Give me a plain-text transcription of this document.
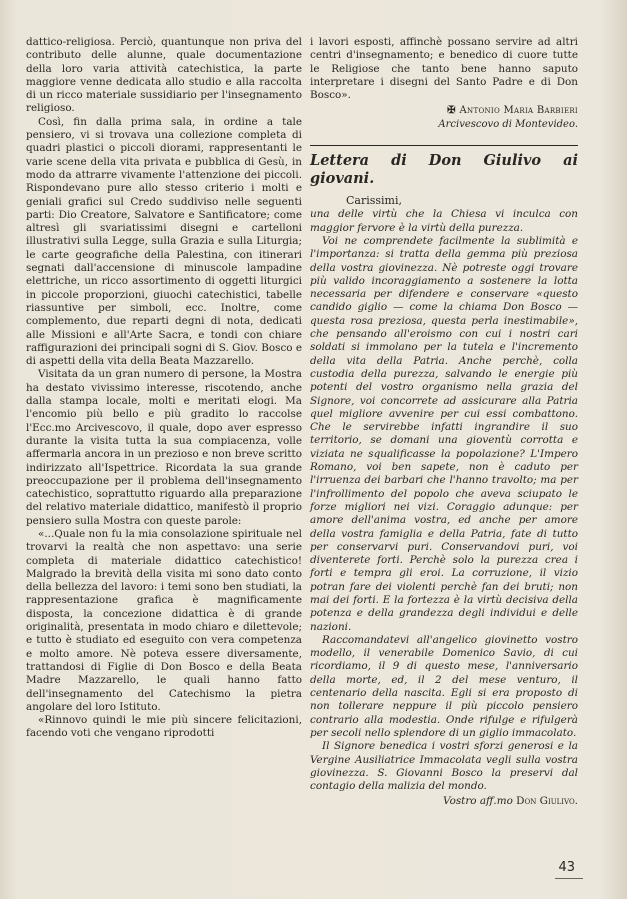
dattico-religiosa. Perciò, quantunque non priva del contributo delle alunne, quale documentazione della loro varia attività catechistica, la parte maggiore venne dedicata allo studio e alla raccolta di un ricco materiale sussidiario per l'insegnamento religioso.

Così, fin dalla prima sala, in ordine a tale pensiero, vi si trovava una collezione completa di quadri plastici o piccoli diorami, rappresentanti le varie scene della vita privata e pubblica di Gesù, in modo da attrarre vivamente l'attenzione dei piccoli. Rispondevano pure allo stesso criterio i molti e geniali grafici sul Credo suddiviso nelle seguenti parti: Dio Creatore, Salvatore e Santificatore; come altresì gli svariatissimi disegni e cartelloni illustrativi sulla Legge, sulla Grazia e sulla Liturgia; le carte geografiche della Palestina, con itinerari segnati dall'accensione di minuscole lampadine elettriche, un ricco assortimento di oggetti liturgici in piccole proporzioni, giuochi catechistici, tabelle riassuntive per simboli, ecc. Inoltre, come complemento, due reparti degni di nota, dedicati alle Missioni e all'Arte Sacra, e tondi con chiare raffigurazioni dei principali sogni di S. Giov. Bosco e di aspetti della vita della Beata Mazzarello.

Visitata da un gran numero di persone, la Mostra ha destato vivissimo interesse, riscotendo, anche dalla stampa locale, molti e meritati elogi. Ma l'encomio più bello e più gradito lo raccolse l'Ecc.mo Arcivescovo, il quale, dopo aver espresso durante la visita tutta la sua compiacenza, volle affermarla ancora in un prezioso e non breve scritto indirizzato all'Ispettrice. Ricordata la sua grande preoccupazione per il problema dell'insegnamento catechistico, soprattutto riguardo alla preparazione del relativo materiale didattico, manifestò il proprio pensiero sulla Mostra con queste parole:

«...Quale non fu la mia consolazione spirituale nel trovarvi la realtà che non aspettavo: una serie completa di materiale didattico catechistico! Malgrado la brevità della visita mi sono dato conto della bellezza del lavoro: i temi sono ben studiati, la rappresentazione grafica è magnificamente disposta, la concezione didattica è di grande originalità, presentata in modo chiaro e dilettevole; e tutto è studiato ed eseguito con vera competenza e molto amore. Nè poteva essere diversamente, trattandosi di Figlie di Don Bosco e della Beata Madre Mazzarello, le quali hanno fatto dell'insegnamento del Catechismo la pietra angolare del loro Istituto.

«Rinnovo quindi le mie più sincere felicitazioni, facendo voti che vengano riprodotti

i lavori esposti, affinchè possano servire ad altri centri d'insegnamento; e benedico di cuore tutte le Religiose che tanto bene hanno saputo interpretare i disegni del Santo Padre e di Don Bosco».

✠ Antonio Maria Barbieri
Arcivescovo di Montevideo.
Lettera di Don Giulivo ai giovani.
Carissimi,

una delle virtù che la Chiesa vi inculca con maggior fervore è la virtù della purezza.

Voi ne comprendete facilmente la sublimità e l'importanza: si tratta della gemma più preziosa della vostra giovinezza. Nè potreste oggi trovare più valido incoraggiamento a sostenere la lotta necessaria per difendere e conservare «questo candido giglio — come la chiama Don Bosco — questa rosa preziosa, questa perla inestimabile», che pensando all'eroismo con cui i nostri cari soldati si immolano per la tutela e l'incremento della vita della Patria. Anche perchè, colla custodia della purezza, salvando le energie più potenti del vostro organismo nella grazia del Signore, voi concorrete ad assicurare alla Patria quel migliore avvenire per cui essi combattono. Che le servirebbe infatti ingrandire il suo territorio, se domani una gioventù corrotta e viziata ne squalificasse la popolazione? L'Impero Romano, voi ben sapete, non è caduto per l'irruenza dei barbari che l'hanno travolto; ma per l'infrollimento del popolo che aveva sciupato le forze migliori nei vizi. Coraggio adunque: per amore dell'anima vostra, ed anche per amore della vostra famiglia e della Patria, fate di tutto per conservarvi puri. Conservandovi puri, voi diventerete forti. Perchè solo la purezza crea i forti e tempra gli eroi. La corruzione, il vizio potran fare dei violenti perchè fan dei bruti; non mai dei forti. E la fortezza è la virtù decisiva della potenza e della grandezza degli individui e delle nazioni.

Raccomandatevi all'angelico giovinetto vostro modello, il venerabile Domenico Savio, di cui ricordiamo, il 9 di questo mese, l'anniversario della morte, ed, il 2 del mese venturo, il centenario della nascita. Egli si era proposto di non tollerare neppure il più piccolo pensiero contrario alla modestia. Onde rifulge e rifulgerà per secoli nello splendore di un giglio immacolato.

Il Signore benedica i vostri sforzi generosi e la Vergine Ausiliatrice Immacolata vegli sulla vostra giovinezza. S. Giovanni Bosco la preservi dal contagio della malizia del mondo.

Vostro aff.mo Don Giulivo.
43
